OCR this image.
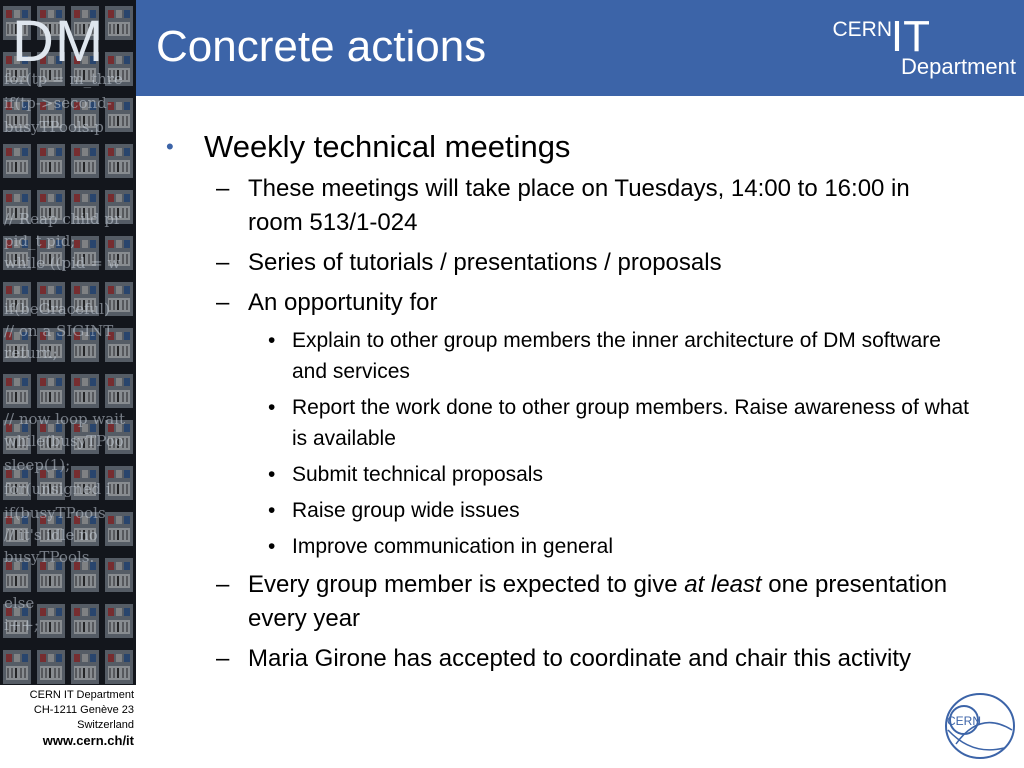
DM
for(tp = m_thre
if(tp->second-
busyTPools.p
// Reap child pr
pid_t pid;
while ((pid = w
if(beGraceful)
// on a SIGINT
return;
// now loop wait
while(busyTPoo
sleep(1);
for(unsigned i
if(busyTPools
// it's idle no
busyTPools.
else
i++;
CERN IT Department
CH-1211 Genève 23
Switzerland
www.cern.ch/it
Concrete actions	CERN
IT
Department
• Weekly technical meetings
– These meetings will take place on Tuesdays, 14:00 to 16:00 in room 513/1-024
– Series of tutorials / presentations / proposals
– An opportunity for
• Explain to other group members the inner architecture of DM software and services
• Report the work done to other group members. Raise awareness of what is available
• Submit technical proposals
• Raise group wide issues
• Improve communication in general
– Every group member is expected to give at least one presentation every year
– Maria Girone has accepted to coordinate and chair this activity
CERN
